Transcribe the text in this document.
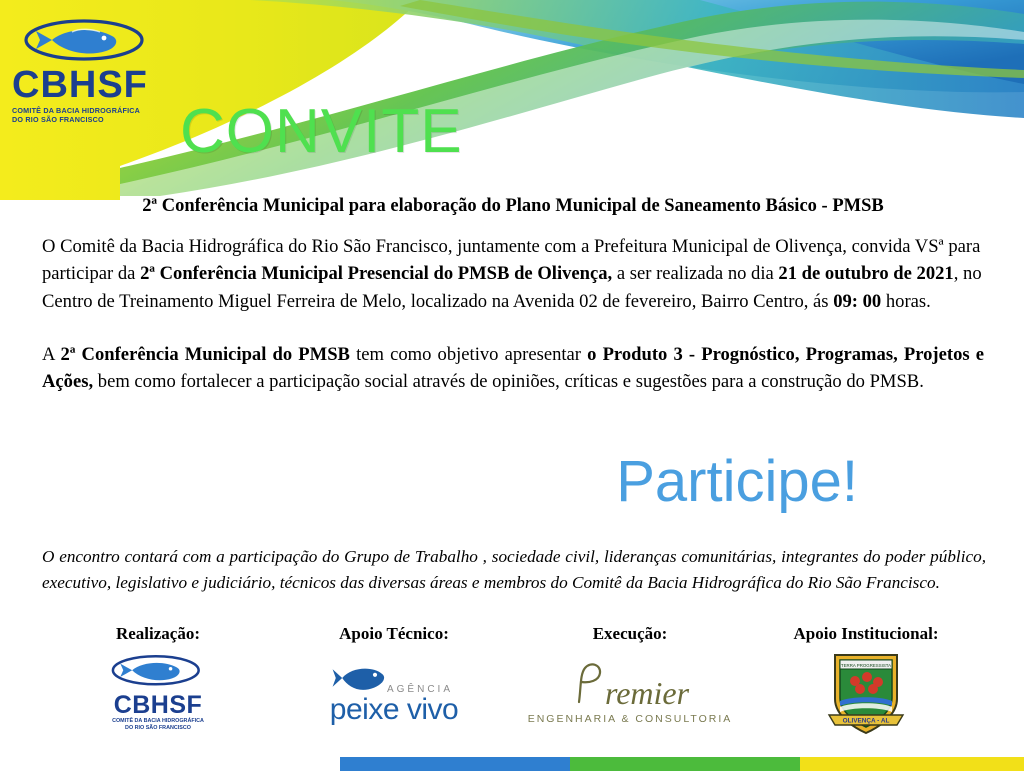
CBHSF
COMITÊ DA BACIA HIDROGRÁFICA
DO RIO SÃO FRANCISCO	CONVITE
2ª Conferência Municipal para elaboração do Plano Municipal de Saneamento Básico - PMSB

O Comitê da Bacia Hidrográfica do Rio São Francisco, juntamente com a Prefeitura Municipal de Olivença, convida VSª para participar da 2ª Conferência Municipal Presencial do PMSB de Olivença, a ser realizada no dia 21 de outubro de 2021, no Centro de Treinamento Miguel Ferreira de Melo, localizado na Avenida 02 de fevereiro, Bairro Centro, ás 09: 00 horas.

A 2ª Conferência Municipal do PMSB tem como objetivo apresentar o Produto 3 - Prognóstico, Programas, Projetos e Ações, bem como fortalecer a participação social através de opiniões, críticas e sugestões para a construção do PMSB.

Participe!
O encontro contará com a participação do Grupo de Trabalho , sociedade civil, lideranças comunitárias, integrantes do poder público, executivo, legislativo e judiciário, técnicos das diversas áreas e membros do Comitê da Bacia Hidrográfica do Rio São Francisco.
Realização:
CBHSF
COMITÊ DA BACIA HIDROGRÁFICA
DO RIO SÃO FRANCISCO
Apoio Técnico:
AGÊNCIA
peixe vivo
Execução:
remier
ENGENHARIA & CONSULTORIA
Apoio Institucional:
TERRA PROGRESSISTA
OLIVENÇA - AL
